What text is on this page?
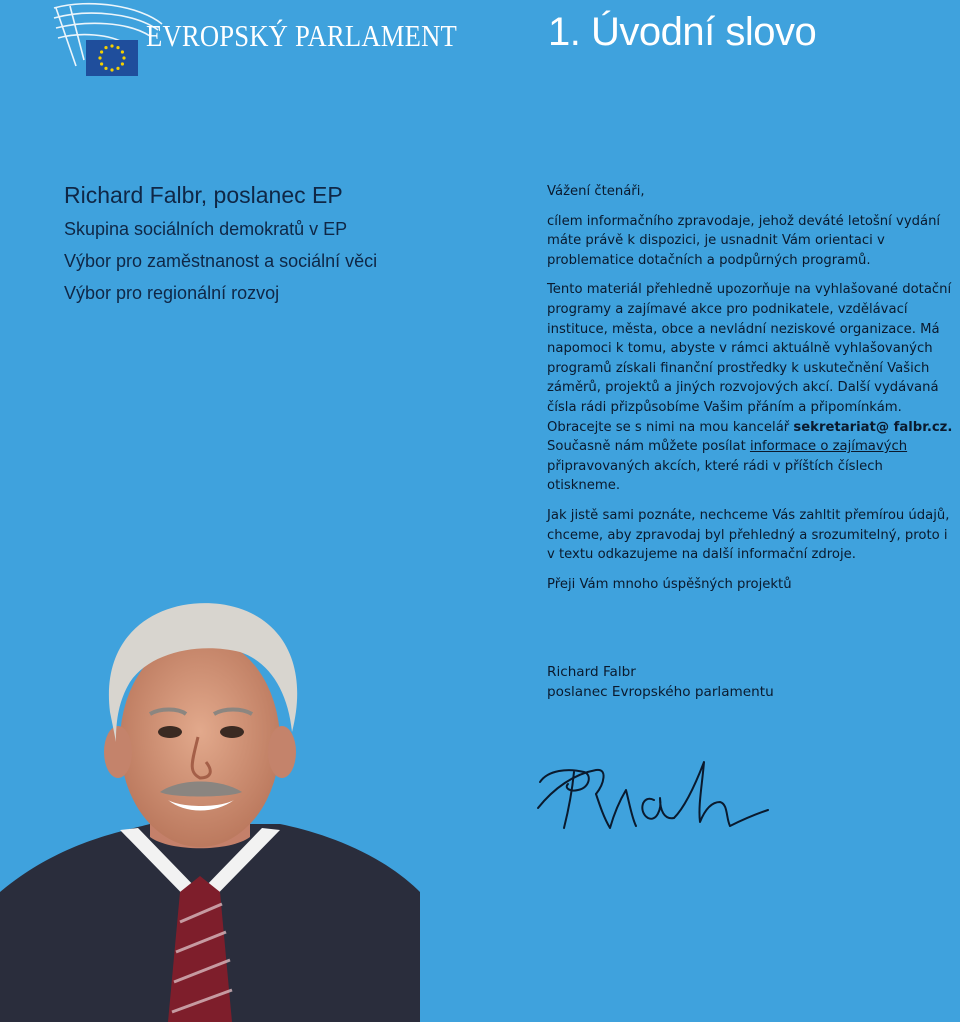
EVROPSKÝ PARLAMENT 1. Úvodní slovo
Richard Falbr, poslanec EP
Skupina sociálních demokratů v EP
Výbor pro zaměstnanost a sociální věci
Výbor pro regionální rozvoj

Vážení čtenáři,

cílem informačního zpravodaje, jehož deváté letošní vydání máte právě k dispozici, je usnadnit Vám orientaci v problematice dotačních a podpůrných programů.

Tento materiál přehledně upozorňuje na vyhlašované dotační programy a zajímavé akce pro podnikatele, vzdělávací instituce, města, obce a nevládní neziskové organizace. Má napomoci k tomu, abyste v rámci aktuálně vyhlašovaných programů získali finanční prostředky k uskutečnění Vašich záměrů, projektů a jiných rozvojových akcí. Další vydávaná čísla rádi přizpůsobíme Vašim přáním a připomínkám. Obracejte se s nimi na mou kancelář sekretariat@ falbr.cz. Současně nám můžete posílat informace o zajímavých připravovaných akcích, které rádi v příštích číslech otiskneme.

Jak jistě sami poznáte, nechceme Vás zahltit přemírou údajů, chceme, aby zpravodaj byl přehledný a srozumitelný, proto i v textu odkazujeme na další informační zdroje.

Přeji Vám mnoho úspěšných projektů

Richard Falbr
poslanec Evropského parlamentu
